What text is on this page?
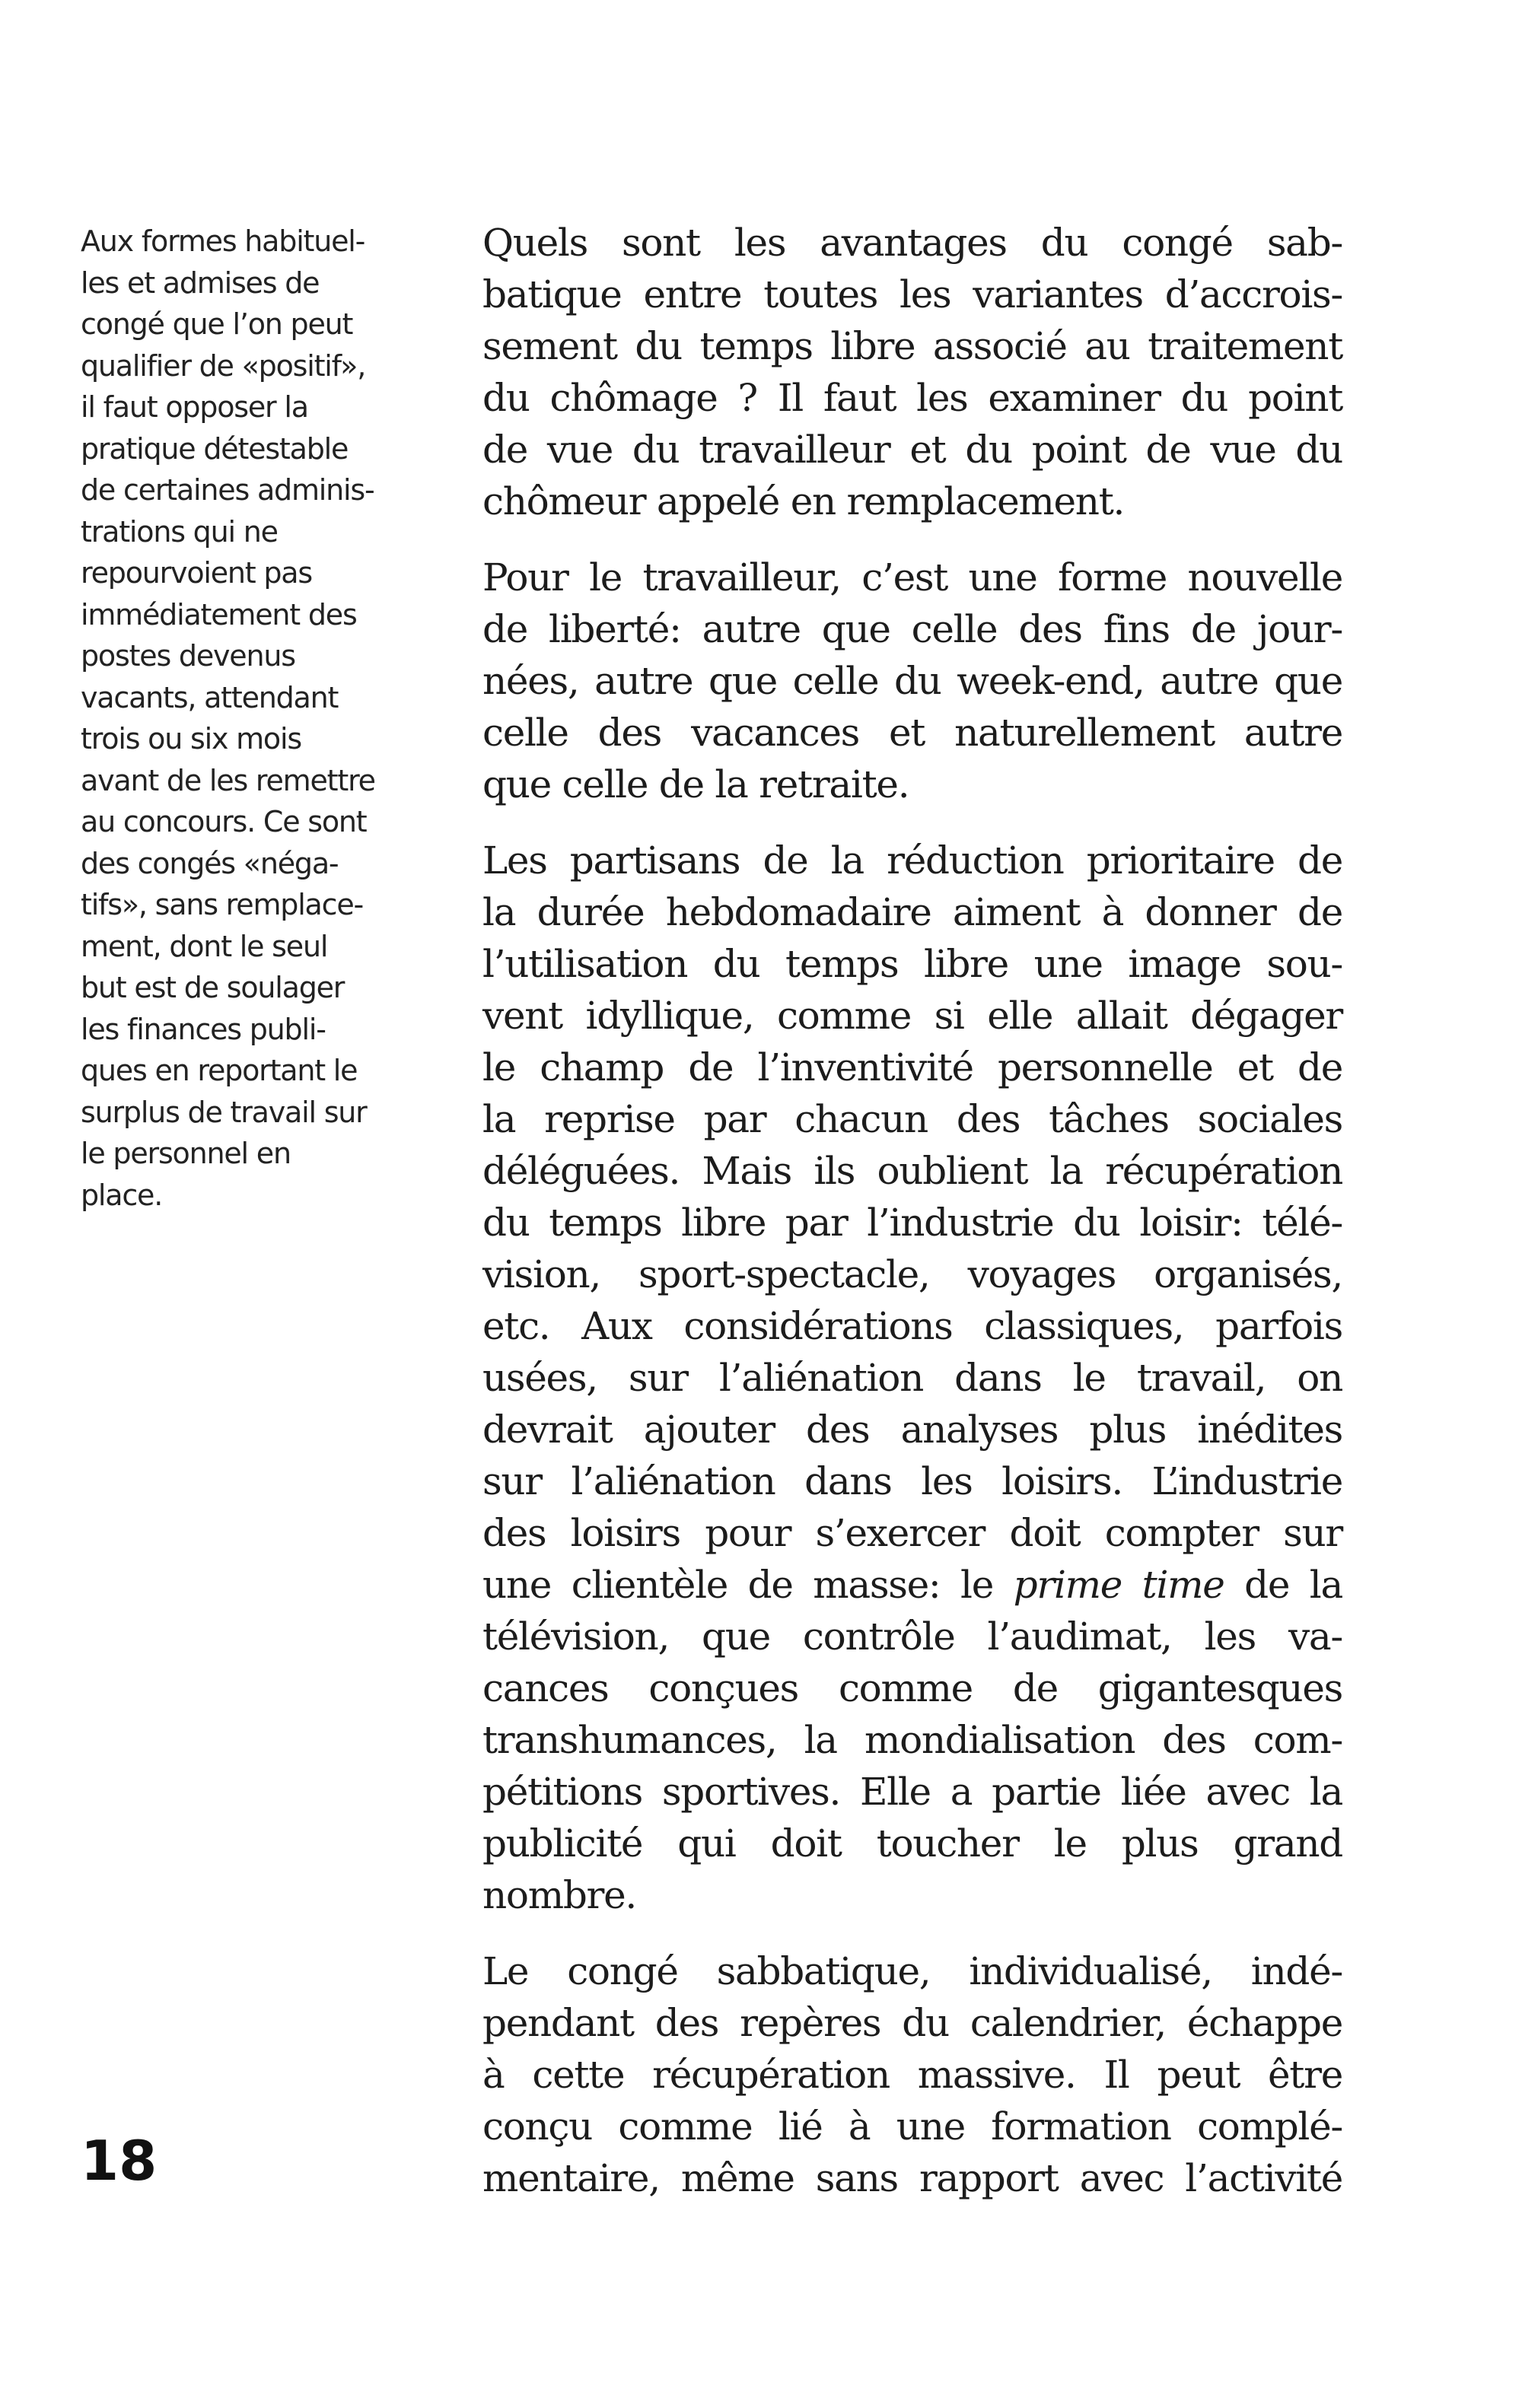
Aux formes habituel-
les et admises de
congé que l’on peut
qualifier de «positif»,
il faut opposer la
pratique détestable
de certaines adminis-
trations qui ne
repourvoient pas
immédiatement des
postes devenus
vacants, attendant
trois ou six mois
avant de les remettre
au concours. Ce sont
des congés «néga-
tifs», sans remplace-
ment, dont le seul
but est de soulager
les finances publi-
ques en reportant le
surplus de travail sur
le personnel en
place.
18

Quels sont les avantages du congé sab-
batique entre toutes les variantes d’accrois-
sement du temps libre associé au traitement
du chômage ? Il faut les examiner du point
de vue du travailleur et du point de vue du
chômeur appelé en remplacement.

Pour le travailleur, c’est une forme nouvelle
de liberté: autre que celle des fins de jour-
nées, autre que celle du week-end, autre que
celle des vacances et naturellement autre
que celle de la retraite.

Les partisans de la réduction prioritaire de
la durée hebdomadaire aiment à donner de
l’utilisation du temps libre une image sou-
vent idyllique, comme si elle allait dégager
le champ de l’inventivité personnelle et de
la reprise par chacun des tâches sociales
déléguées. Mais ils oublient la récupération
du temps libre par l’industrie du loisir: télé-
vision, sport-spectacle, voyages organisés,
etc. Aux considérations classiques, parfois
usées, sur l’aliénation dans le travail, on
devrait ajouter des analyses plus inédites
sur l’aliénation dans les loisirs. L’industrie
des loisirs pour s’exercer doit compter sur
une clientèle de masse: le prime time de la
télévision, que contrôle l’audimat, les va-
cances conçues comme de gigantesques
transhumances, la mondialisation des com-
pétitions sportives. Elle a partie liée avec la
publicité qui doit toucher le plus grand
nombre.

Le congé sabbatique, individualisé, indé-
pendant des repères du calendrier, échappe
à cette récupération massive. Il peut être
conçu comme lié à une formation complé-
mentaire, même sans rapport avec l’activité
